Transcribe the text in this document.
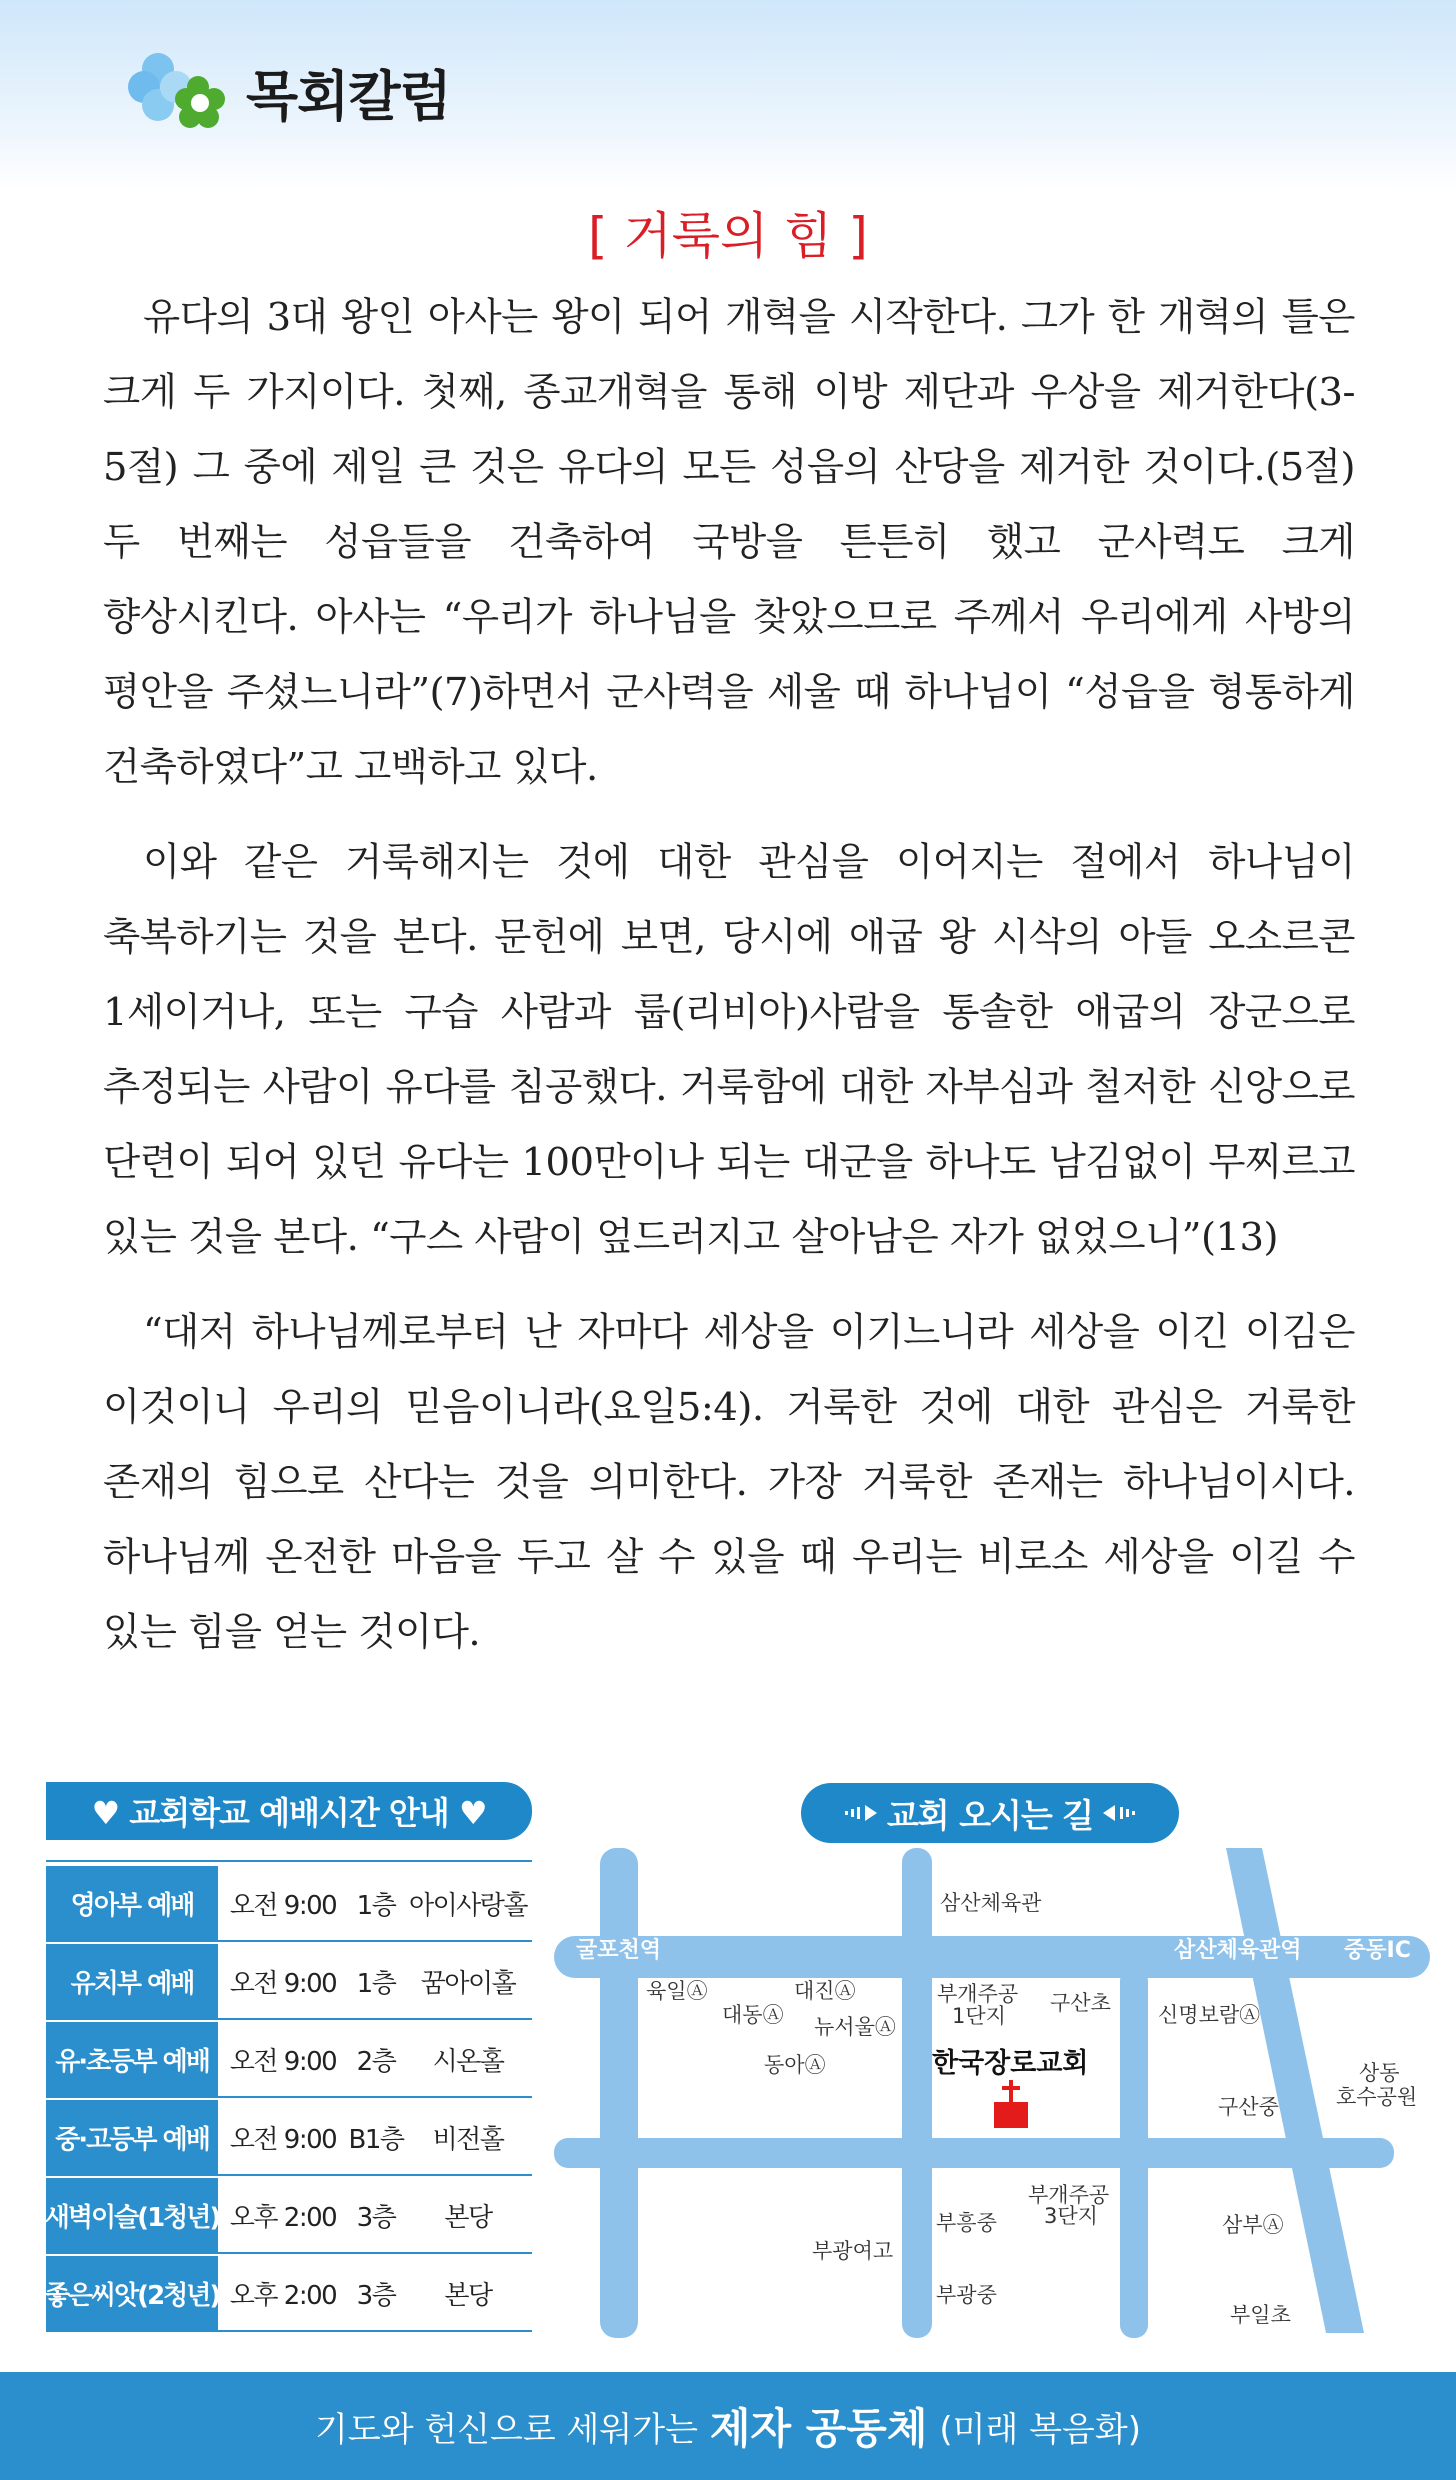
목회칼럼
[ 거룩의 힘 ]

유다의 3대 왕인 아사는 왕이 되어 개혁을 시작한다. 그가 한 개혁의 틀은 크게 두 가지이다. 첫째, 종교개혁을 통해 이방 제단과 우상을 제거한다(3-5절) 그 중에 제일 큰 것은 유다의 모든 성읍의 산당을 제거한 것이다.(5절) 두 번째는 성읍들을 건축하여 국방을 튼튼히 했고 군사력도 크게 향상시킨다. 아사는 “우리가 하나님을 찾았으므로 주께서 우리에게 사방의 평안을 주셨느니라”(7)하면서 군사력을 세울 때 하나님이 “성읍을 형통하게 건축하였다”고 고백하고 있다.

이와 같은 거룩해지는 것에 대한 관심을 이어지는 절에서 하나님이 축복하기는 것을 본다. 문헌에 보면, 당시에 애굽 왕 시삭의 아들 오소르콘 1세이거나, 또는 구습 사람과 룹(리비아)사람을 통솔한 애굽의 장군으로 추정되는 사람이 유다를 침공했다. 거룩함에 대한 자부심과 철저한 신앙으로 단련이 되어 있던 유다는 100만이나 되는 대군을 하나도 남김없이 무찌르고 있는 것을 본다. “구스 사람이 엎드러지고 살아남은 자가 없었으니”(13)

“대저 하나님께로부터 난 자마다 세상을 이기느니라 세상을 이긴 이김은 이것이니 우리의 믿음이니라(요일5:4). 거룩한 것에 대한 관심은 거룩한 존재의 힘으로 산다는 것을 의미한다. 가장 거룩한 존재는 하나님이시다. 하나님께 온전한 마음을 두고 살 수 있을 때 우리는 비로소 세상을 이길 수 있는 힘을 얻는 것이다.

♥ 교회학교 예배시간 안내 ♥
영아부 예배	오전 9:00 1층 아이사랑홀
유치부 예배	오전 9:00 1층 꿈아이홀
유·초등부 예배 오전 9:00 2층	시온홀
중·고등부 예배 오전 9:00 B1층	비전홀
새벽이슬(1청년) 오후 2:00 3층	본당
좋은씨앗(2청년) 오후 2:00 3층	본당
교회 오시는 길
굴포천역	삼산체육관역 중동IC
삼산체육관
육일Ⓐ	대진Ⓐ
대동Ⓐ 뉴서울Ⓐ
동아Ⓐ
부개주공
1단지
구산초 신명보람Ⓐ
상동
호수공원
구산중
부개주공
3단지
부흥중	삼부Ⓐ
부광여고
부광중
부일초
한국장로교회
기도와 헌신으로 세워가는 제자 공동체 (미래 복음화)
